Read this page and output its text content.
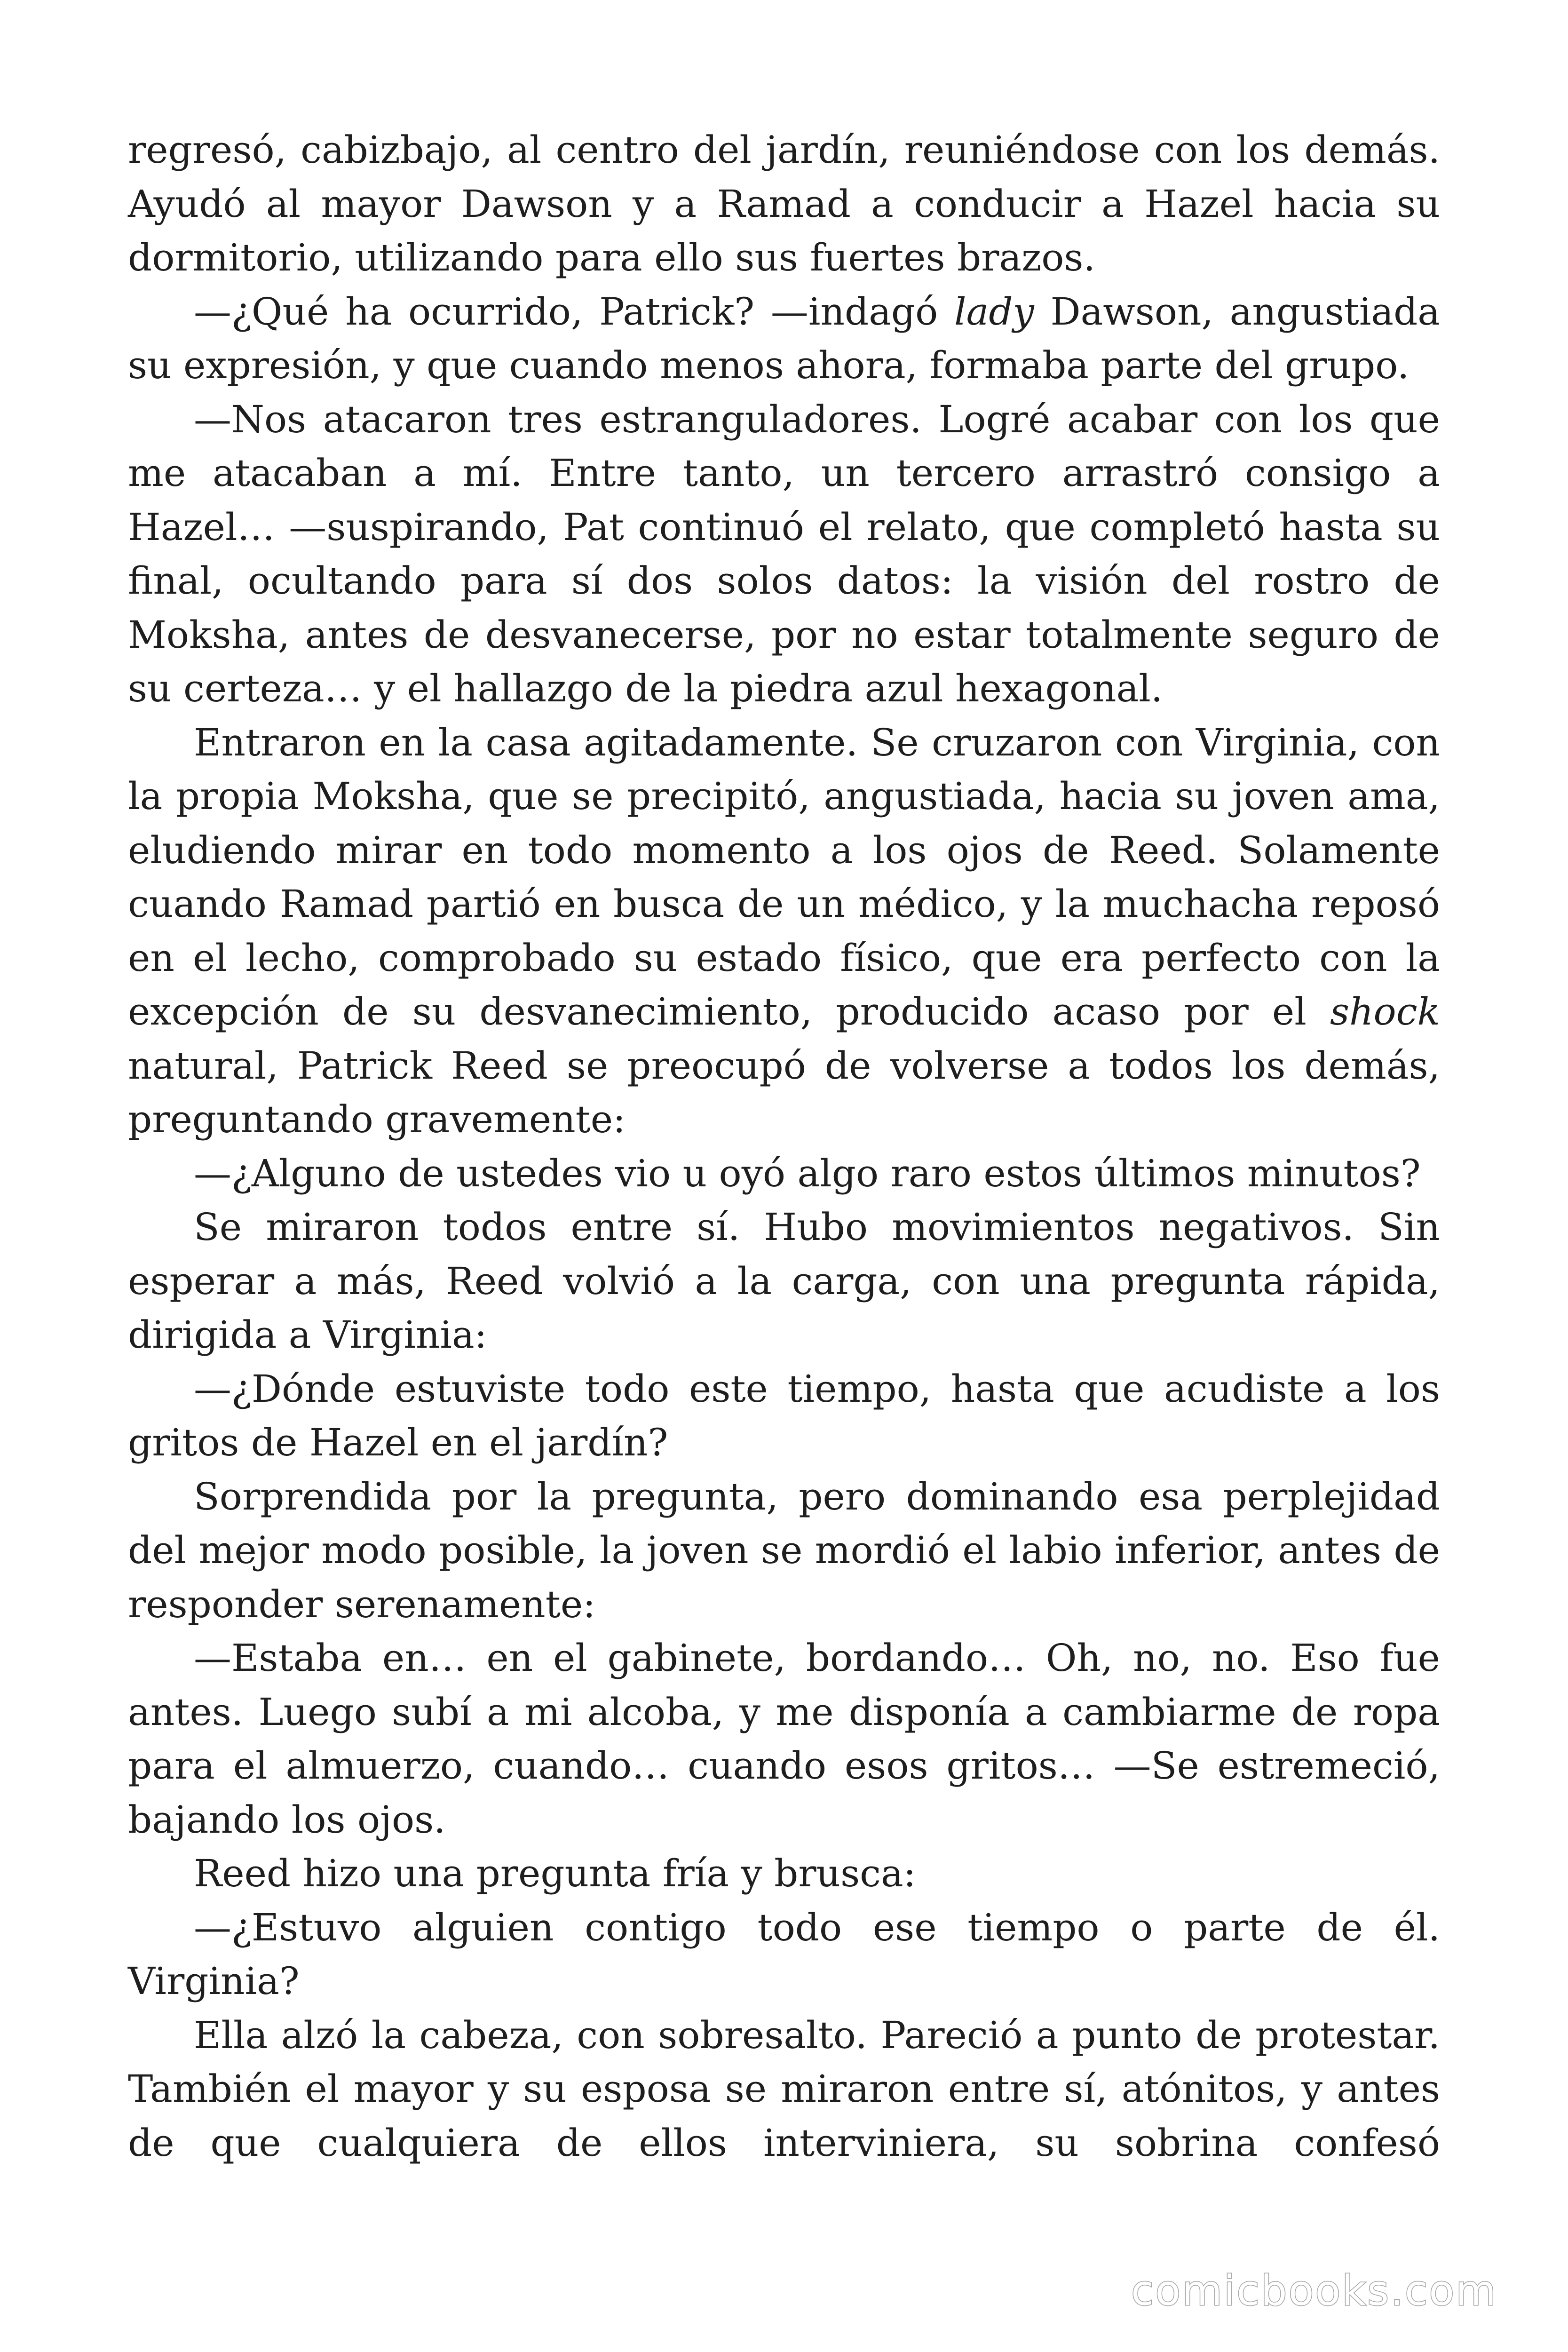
regresó, cabizbajo, al centro del jardín, reuniéndose con los demás. Ayudó al mayor Dawson y a Ramad a conducir a Hazel hacia su dormitorio, utilizando para ello sus fuertes brazos.

—¿Qué ha ocurrido, Patrick? —indagó lady Dawson, angustiada su expresión, y que cuando menos ahora, formaba parte del grupo.

—Nos atacaron tres estranguladores. Logré acabar con los que me atacaban a mí. Entre tanto, un tercero arrastró consigo a Hazel… —suspirando, Pat continuó el relato, que completó hasta su final, ocultando para sí dos solos datos: la visión del rostro de Moksha, antes de desvanecerse, por no estar totalmente seguro de su certeza… y el hallazgo de la piedra azul hexagonal.

Entraron en la casa agitadamente. Se cruzaron con Virginia, con la propia Moksha, que se precipitó, angustiada, hacia su joven ama, eludiendo mirar en todo momento a los ojos de Reed. Solamente cuando Ramad partió en busca de un médico, y la muchacha reposó en el lecho, comprobado su estado físico, que era perfecto con la excepción de su desvanecimiento, producido acaso por el shock natural, Patrick Reed se preocupó de volverse a todos los demás, preguntando gravemente:

—¿Alguno de ustedes vio u oyó algo raro estos últimos minutos?

Se miraron todos entre sí. Hubo movimientos negativos. Sin esperar a más, Reed volvió a la carga, con una pregunta rápida, dirigida a Virginia:

—¿Dónde estuviste todo este tiempo, hasta que acudiste a los gritos de Hazel en el jardín?

Sorprendida por la pregunta, pero dominando esa perplejidad del mejor modo posible, la joven se mordió el labio inferior, antes de responder serenamente:

—Estaba en… en el gabinete, bordando… Oh, no, no. Eso fue antes. Luego subí a mi alcoba, y me disponía a cambiarme de ropa para el almuerzo, cuando… cuando esos gritos… —Se estremeció, bajando los ojos.

Reed hizo una pregunta fría y brusca:

—¿Estuvo alguien contigo todo ese tiempo o parte de él. Virginia?

Ella alzó la cabeza, con sobresalto. Pareció a punto de protestar. También el mayor y su esposa se miraron entre sí, atónitos, y antes de que cualquiera de ellos interviniera, su sobrina confesó

comicbooks.com
